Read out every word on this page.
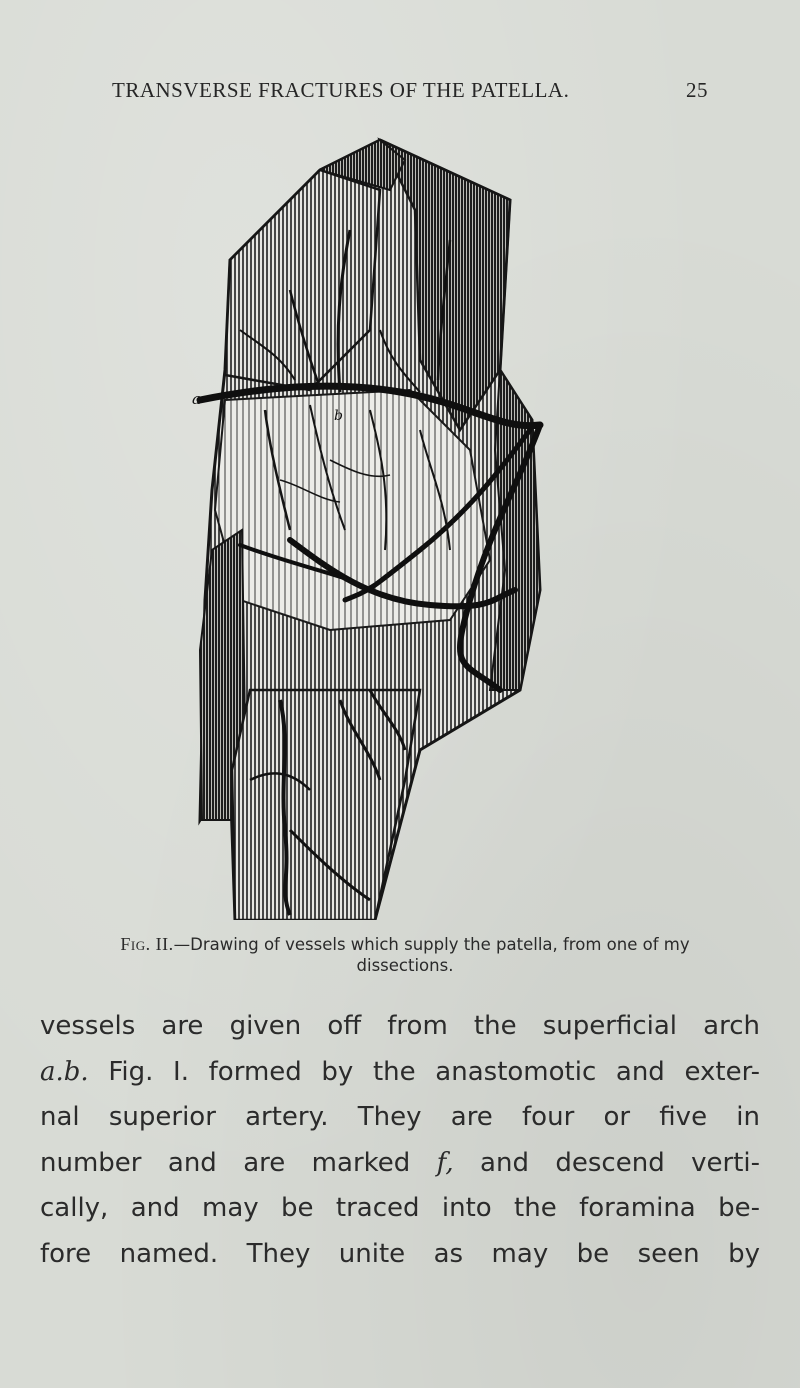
TRANSVERSE FRACTURES OF THE PATELLA.	25
a
b
Fig. II.—Drawing of vessels which supply the patella, from one of my dissections.
vessels are given off from the superficial arch
a.b. Fig. I. formed by the anastomotic and exter-
nal superior artery. They are four or five in
number and are marked f, and descend verti-
cally, and may be traced into the foramina be-
fore named. They unite as may be seen by
